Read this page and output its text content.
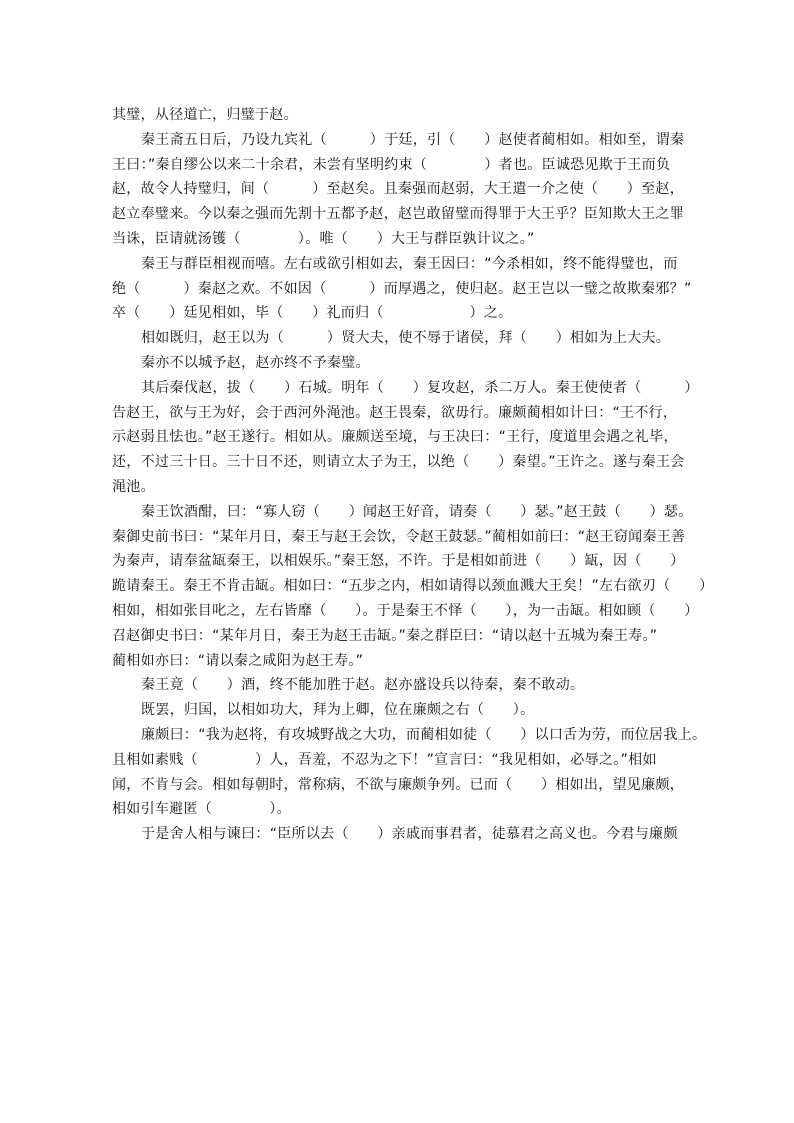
其璧，从径道亡，归璧于赵。
秦王斋五日后，乃设九宾礼（　　　）于廷，引（　　）赵使者蔺相如。相如至，谓秦
王曰：”秦自缪公以来二十余君，未尝有坚明约束（　　　　）者也。臣诚恐见欺于王而负
赵，故令人持璧归，间（　　　）至赵矣。且秦强而赵弱，大王遣一介之使（　　）至赵，
赵立奉璧来。今以秦之强而先割十五都予赵，赵岂敢留璧而得罪于大王乎？臣知欺大王之罪
当诛，臣请就汤镬（　　　　）。唯（　　）大王与群臣孰计议之。”
秦王与群臣相视而嘻。左右或欲引相如去，秦王因曰：“今杀相如，终不能得璧也，而
绝（　　　）秦赵之欢。不如因（　　　）而厚遇之，使归赵。赵王岂以一璧之故欺秦邪？”
卒（　　）廷见相如，毕（　　）礼而归（　　　　　　）之。
相如既归，赵王以为（　　　）贤大夫，使不辱于诸侯，拜（　　）相如为上大夫。
秦亦不以城予赵，赵亦终不予秦璧。
其后秦伐赵，拔（　　）石城。明年（　　）复攻赵，杀二万人。秦王使使者（　　　）
告赵王，欲与王为好，会于西河外渑池。赵王畏秦，欲毋行。廉颇蔺相如计曰：“王不行，
示赵弱且怯也。”赵王遂行。相如从。廉颇送至境，与王决曰：“王行，度道里会遇之礼毕，
还，不过三十日。三十日不还，则请立太子为王，以绝（　　）秦望。”王许之。遂与秦王会
渑池。
秦王饮酒酣，曰：“寡人窃（　　）闻赵王好音，请奏（　　）瑟。”赵王鼓（　　）瑟。
秦御史前书曰：“某年月日，秦王与赵王会饮，令赵王鼓瑟。”蔺相如前曰：“赵王窃闻秦王善
为秦声，请奉盆缻秦王，以相娱乐。”秦王怒，不许。于是相如前进（　　）缻，因（　　）
跪请秦王。秦王不肯击缻。相如曰：“五步之内，相如请得以颈血溅大王矣！”左右欲刃（　　）
相如，相如张目叱之，左右皆靡（　　）。于是秦王不怿（　　），为一击缻。相如顾（　　）
召赵御史书曰：“某年月日，秦王为赵王击缻。”秦之群臣曰：“请以赵十五城为秦王寿。”
蔺相如亦曰：“请以秦之咸阳为赵王寿。”
秦王竟（　　）酒，终不能加胜于赵。赵亦盛设兵以待秦，秦不敢动。
既罢，归国，以相如功大，拜为上卿，位在廉颇之右（　　）。
廉颇曰：“我为赵将，有攻城野战之大功，而蔺相如徒（　　）以口舌为劳，而位居我上。
且相如素贱（　　　　）人，吾羞，不忍为之下！”宣言曰：“我见相如，必辱之。”相如
闻，不肯与会。相如每朝时，常称病，不欲与廉颇争列。已而（　　）相如出，望见廉颇，
相如引车避匿（　　　　）。
于是舍人相与谏曰：“臣所以去（　　）亲戚而事君者，徒慕君之高义也。今君与廉颇
